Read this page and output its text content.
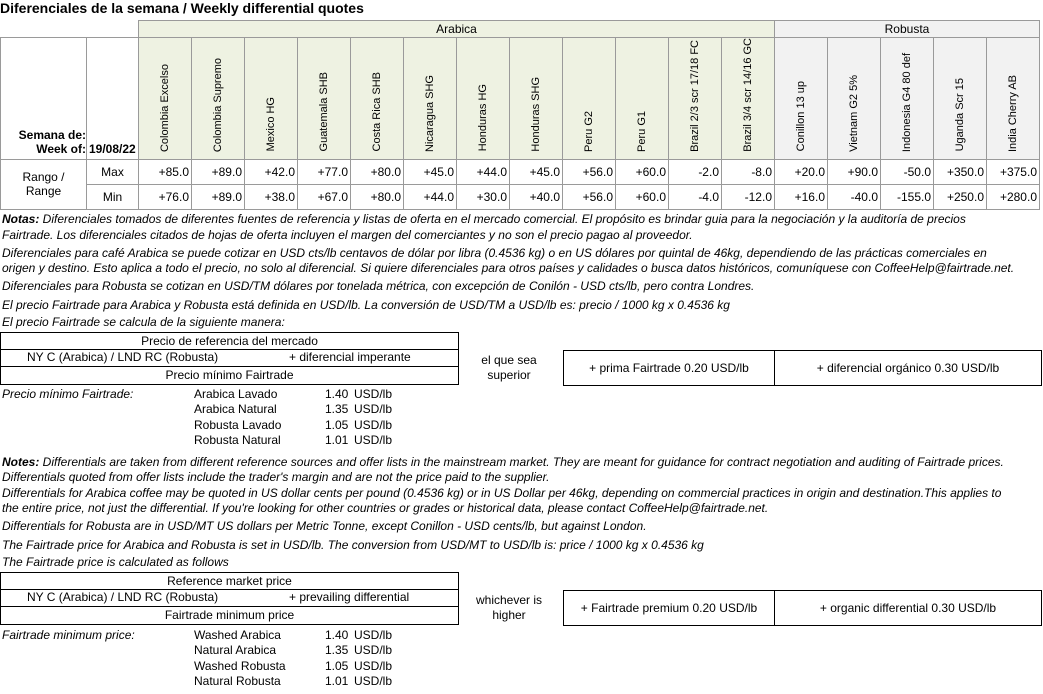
Diferenciales de la semana / Weekly differential quotes
		Arabica												Robusta				

Semana de:
Week of:	19/08/22	Colombia Excelso	Colombia Supremo	Mexico HG	Guatemala SHB	Costa Rica SHB	Nicaragua SHG	Honduras HG	Honduras SHG	Peru G2	Peru G1	Brazil 2/3 scr 17/18 FC	Brazil 3/4 scr 14/16 GC	Conillon 13 up	Vietnam G2 5%	Indonesia G4 80 def	Uganda Scr 15	India Cherry AB

Rango /
Range	Max	+85.0	+89.0	+42.0	+77.0	+80.0	+45.0	+44.0	+45.0	+56.0	+60.0	-2.0	-8.0	+20.0	+90.0	-50.0	+350.0	+375.0
	Min	+76.0	+89.0	+38.0	+67.0	+80.0	+44.0	+30.0	+40.0	+56.0	+60.0	-4.0	-12.0	+16.0	-40.0	-155.0	+250.0	+280.0
Notas: Diferenciales tomados de diferentes fuentes de referencia y listas de oferta en el mercado comercial. El propósito es brindar guia para la negociación y la auditoría de precios
Fairtrade. Los diferenciales citados de hojas de oferta incluyen el margen del comerciantes y no son el precio pagao al proveedor.
Diferenciales para café Arabica se puede cotizar en USD cts/lb centavos de dólar por libra (0.4536 kg) o en US dólares por quintal de 46kg, dependiendo de las prácticas comerciales en
origen y destino. Esto aplica a todo el precio, no solo al diferencial. Si quiere diferenciales para otros países y calidades o busca datos históricos, comuníquese con CoffeeHelp@fairtrade.net.
Diferenciales para Robusta se cotizan en USD/TM dólares por tonelada métrica, con excepción de Conilón - USD cts/lb, pero contra Londres.
El precio Fairtrade para Arabica y Robusta está definida en USD/lb. La conversión de USD/TM a USD/lb es: precio / 1000 kg x 0.4536 kg
El precio Fairtrade se calcula de la siguiente manera:
Precio de referencia del mercado
NY C (Arabica) / LND RC (Robusta)	+ diferencial imperante
Precio mínimo Fairtrade
el que sea
superior	+ prima Fairtrade 0.20 USD/lb	+ diferencial orgánico 0.30 USD/lb
Precio mínimo Fairtrade:	Arabica Lavado	1.40 USD/lb
Arabica Natural	1.35 USD/lb
Robusta Lavado	1.05 USD/lb
Robusta Natural	1.01 USD/lb
Notes: Differentials are taken from different reference sources and offer lists in the mainstream market. They are meant for guidance for contract negotiation and auditing of Fairtrade prices.
Differentials quoted from offer lists include the trader's margin and are not the price paid to the supplier.
Differentials for Arabica coffee may be quoted in US dollar cents per pound (0.4536 kg) or in US Dollar per 46kg, depending on commercial practices in origin and destination.This applies to
the entire price, not just the differential. If you're looking for other countries or grades or historical data, please contact CoffeeHelp@fairtrade.net.
Differentials for Robusta are in USD/MT US dollars per Metric Tonne, except Conillon - USD cents/lb, but against London.
The Fairtrade price for Arabica and Robusta is set in USD/lb. The conversion from USD/MT to USD/lb is: price / 1000 kg x 0.4536 kg
The Fairtrade price is calculated as follows
Reference market price
NY C (Arabica) / LND RC (Robusta)	+ prevailing differential
Fairtrade minimum price
whichever is
higher	+ Fairtrade premium 0.20 USD/lb	+ organic differential 0.30 USD/lb
Fairtrade minimum price:	Washed Arabica	1.40 USD/lb
Natural Arabica	1.35 USD/lb
Washed Robusta	1.05 USD/lb
Natural Robusta	1.01 USD/lb
